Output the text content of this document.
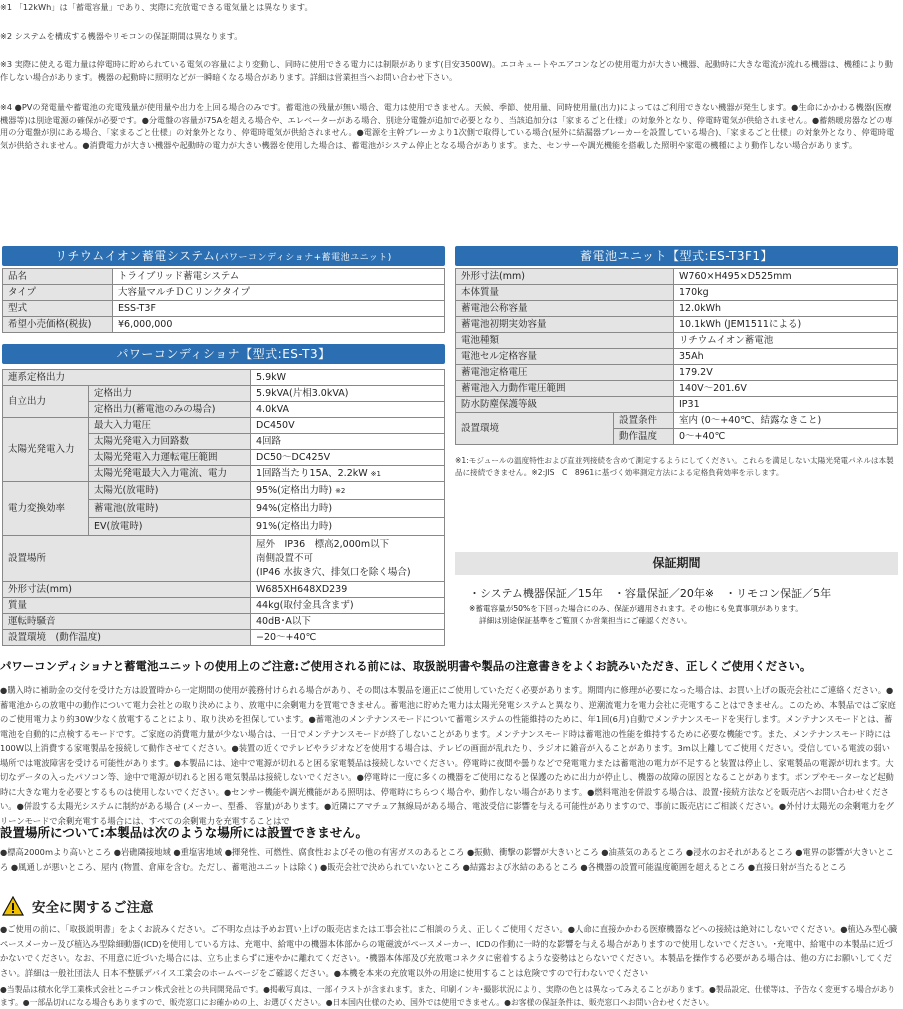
※1 「12kWh」は「蓄電容量」であり、実際に充放電できる電気量とは異なります。
※2 システムを構成する機器やリモコンの保証期間は異なります。
※3 実際に使える電力量は停電時に貯められている電気の容量により変動し、同時に使用できる電力には制限があります(目安3500W)。エコキュートやエアコンなどの使用電力が大きい機器、起動時に大きな電流が流れる機器は、機種により動作しない場合があります。機器の起動時に照明などが一瞬暗くなる場合があります。詳細は営業担当へお問い合わせ下さい。
※4 ●PVの発電量や蓄電池の充電残量が使用量や出力を上回る場合のみです。蓄電池の残量が無い場合、電力は使用できません。天候、季節、使用量、同時使用量(出力)によってはご利用できない機器が発生します。●生命にかかわる機器(医療機器等)は別途電源の確保が必要です。●分電盤の容量が75Aを超える場合や、エレベーターがある場合、別途分電盤が追加で必要となり、当該追加分は「家まるごと仕様」の対象外となり、停電時電気が供給されません。●蓄熱暖房器などの専用の分電盤が別にある場合、「家まるごと仕様」の対象外となり、停電時電気が供給されません。●電源を主幹ブレーカより1次側で取得している場合(屋外に結漏器ブレーカーを設置している場合)、「家まるごと仕様」の対象外となり、停電時電気が供給されません。●消費電力が大きい機器や起動時の電力が大きい機器を使用した場合は、蓄電池がシステム停止となる場合があります。また、センサーや調光機能を搭載した照明や家電の機種により動作しない場合があります。
リチウムイオン蓄電システム(パワーコンディショナ+蓄電池ユニット)
品名	トライブリッド蓄電システム
タイプ	大容量マルチＤＣリンクタイプ
型式	ESS-T3F
希望小売価格(税抜)	¥6,000,000
パワーコンディショナ【型式:ES-T3】
連系定格出力		5.9kW
自立出力	定格出力	5.9kVA(片相3.0kVA)
	定格出力(蓄電池のみの場合)	4.0kVA
太陽光発電入力	最大入力電圧	DC450V
	太陽光発電入力回路数	4回路
	太陽光発電入力運転電圧範囲	DC50～DC425V
	太陽光発電最大入力電流、電力	1回路当たり15A、2.2kW ※1
電力変換効率	太陽光(放電時)	95%(定格出力時) ※2
	蓄電池(放電時)	94%(定格出力時)
	EV(放電時)	91%(定格出力時)
設置場所		屋外　IP36　標高2,000m以下
南側設置不可
(IP46 水抜き穴、排気口を除く場合)

外形寸法(mm)		W685XH648XD239
質量		44kg(取付金具含まず)
運転時騒音		40dB･A以下
設置環境　(動作温度)		−20～+40℃
蓄電池ユニット【型式:ES-T3F1】
外形寸法(mm)		W760×H495×D525mm
本体質量		170kg
蓄電池公称容量		12.0kWh
蓄電池初期実効容量		10.1kWh (JEM1511による)
電池種類		リチウムイオン蓄電池
電池セル定格容量		35Ah
蓄電池定格電圧		179.2V
蓄電池入力動作電圧範囲		140V～201.6V
防水防塵保護等級		IP31
設置環境	設置条件	室内 (0～+40℃、結露なきこと)
	動作温度	0～+40℃
※1:モジュールの温度特性および直並列接続を含めて測定するようにしてください。これらを満足しない太陽光発電パネルは本製品に接続できません。※2:JIS　C　8961に基づく効率測定方法による定格負荷効率を示します。
保証期間
・システム機器保証／15年　・容量保証／20年※　・リモコン保証／5年
※蓄電容量が50%を下回った場合にのみ、保証が適用されます。その他にも免責事項があります。
詳細は別途保証基準をご覧頂くか営業担当にご確認ください。
パワーコンディショナと蓄電池ユニットの使用上のご注意:ご使用される前には、取扱説明書や製品の注意書きをよくお読みいただき、正しくご使用ください。
●購入時に補助金の交付を受けた方は設置時から一定期間の使用が義務付けられる場合があり、その間は本製品を適正にご使用していただく必要があります。期間内に修理が必要になった場合は、お買い上げの販売会社にご連絡ください。●蓄電池からの放電中の動作について電力会社との取り決めにより、放電中に余剰電力を買電できません。蓄電池に貯めた電力は太陽光発電システムと異なり、逆潮流電力を電力会社に売電することはできません。このため、本製品ではご家庭のご使用電力より約30W少なく放電することにより、取り決めを担保しています。●蓄電池のメンテナンスモードについて蓄電システムの性能維持のために、年1回(6月)自動でメンテナンスモードを実行します。メンテナンスモードとは、蓄電池を自動的に点検するモードです。ご家庭の消費電力量が少ない場合は、一日でメンテナンスモードが終了しないことがあります。メンテナンスモード時は蓄電池の性能を維持するために必要な機能です。また、メンテナンスモード時には100W以上消費する家電製品を接続して動作させてください。●装置の近くでテレビやラジオなどを使用する場合は、テレビの画面が乱れたり、ラジオに雑音が入ることがあります。3m以上離してご使用ください。受信している電波の弱い場所では電波障害を受ける可能性があります。●本製品には、途中で電源が切れると困る家電製品は接続しないでください。停電時に夜間や曇りなどで発電電力または蓄電池の電力が不足すると装置は停止し、家電製品の電源が切れます。大切なデータの入ったパソコン等、途中で電源が切れると困る電気製品は接続しないでください。●停電時に一度に多くの機器をご使用になると保護のために出力が停止し、機器の故障の原因となることがあります。ポンプやモーターなど起動時に大きな電力を必要とするものは使用しないでください。●センサー機能や調光機能がある照明は、停電時にちらつく場合や、動作しない場合があります。●燃料電池を併設する場合は、設置･接続方法などを販売店へお問い合わせください。●併設する太陽光システムに制約がある場合 (メーカー、型番、 容量)があります。●近隣にアマチュア無線局がある場合、電波受信に影響を与える可能性がありますので、事前に販売店にご相談ください。●外付け太陽光の余剰電力をグリーンモードで余剰充電する場合には、すべての余剰電力を充電することはで
設置場所について:本製品は次のような場所には設置できません。
●標高2000mより高いところ ●岩礁隣接地域 ●重塩害地域 ●揮発性、可燃性、腐食性およびその他の有害ガスのあるところ ●振動、衝撃の影響が大きいところ ●油蒸気のあるところ ●浸水のおそれがあるところ ●電界の影響が大きいところ ●風通しが悪いところ、屋内 (物置、倉庫を含む。ただし、蓄電池ユニットは除く) ●販売会社で決められていないところ ●結露および氷結のあるところ ●各機器の設置可能温度範囲を超えるところ ●直接日射が当たるところ
安全に関するご注意
●ご使用の前に、「取扱説明書」をよくお読みください。ご不明な点は予めお買い上げの販売店または工事会社にご相談のうえ、正しくご使用ください。●人命に直接かかわる医療機器などへの接続は絶対にしないでください。●植込み型心臓ペースメーカー及び植込み型除細動器(ICD)を使用している方は、充電中、給電中の機器本体部からの電磁波がペースメーカー、ICDの作動に一時的な影響を与える場合がありますので使用しないでください。･充電中、給電中の本製品に近づかないでください。なお、不用意に近づいた場合には、立ち止まらずに速やかに離れてください。･機器本体部及び充放電コネクタに密着するような姿勢はとらないでください。本製品を操作する必要がある場合は、他の方にお願いしてください。詳細は一般社団法人 日本不整脈デバイス工業会のホームページをご確認ください。●本機を本来の充放電以外の用途に使用することは危険ですので行わないでください
●当製品は積水化学工業株式会社とニチコン株式会社との共同開発品です。●掲載写真は、一部イラストが含まれます。また、印刷インキ･撮影状況により、実際の色とは異なってみえることがあります。●製品設定、仕様等は、予告なく変更する場合があります。●一部品切れになる場合もありますので、販売窓口にお確かめの上、お選びください。●日本国内仕様のため、国外では使用できません。●お客様の保証条件は、販売窓口へお問い合わせください。
